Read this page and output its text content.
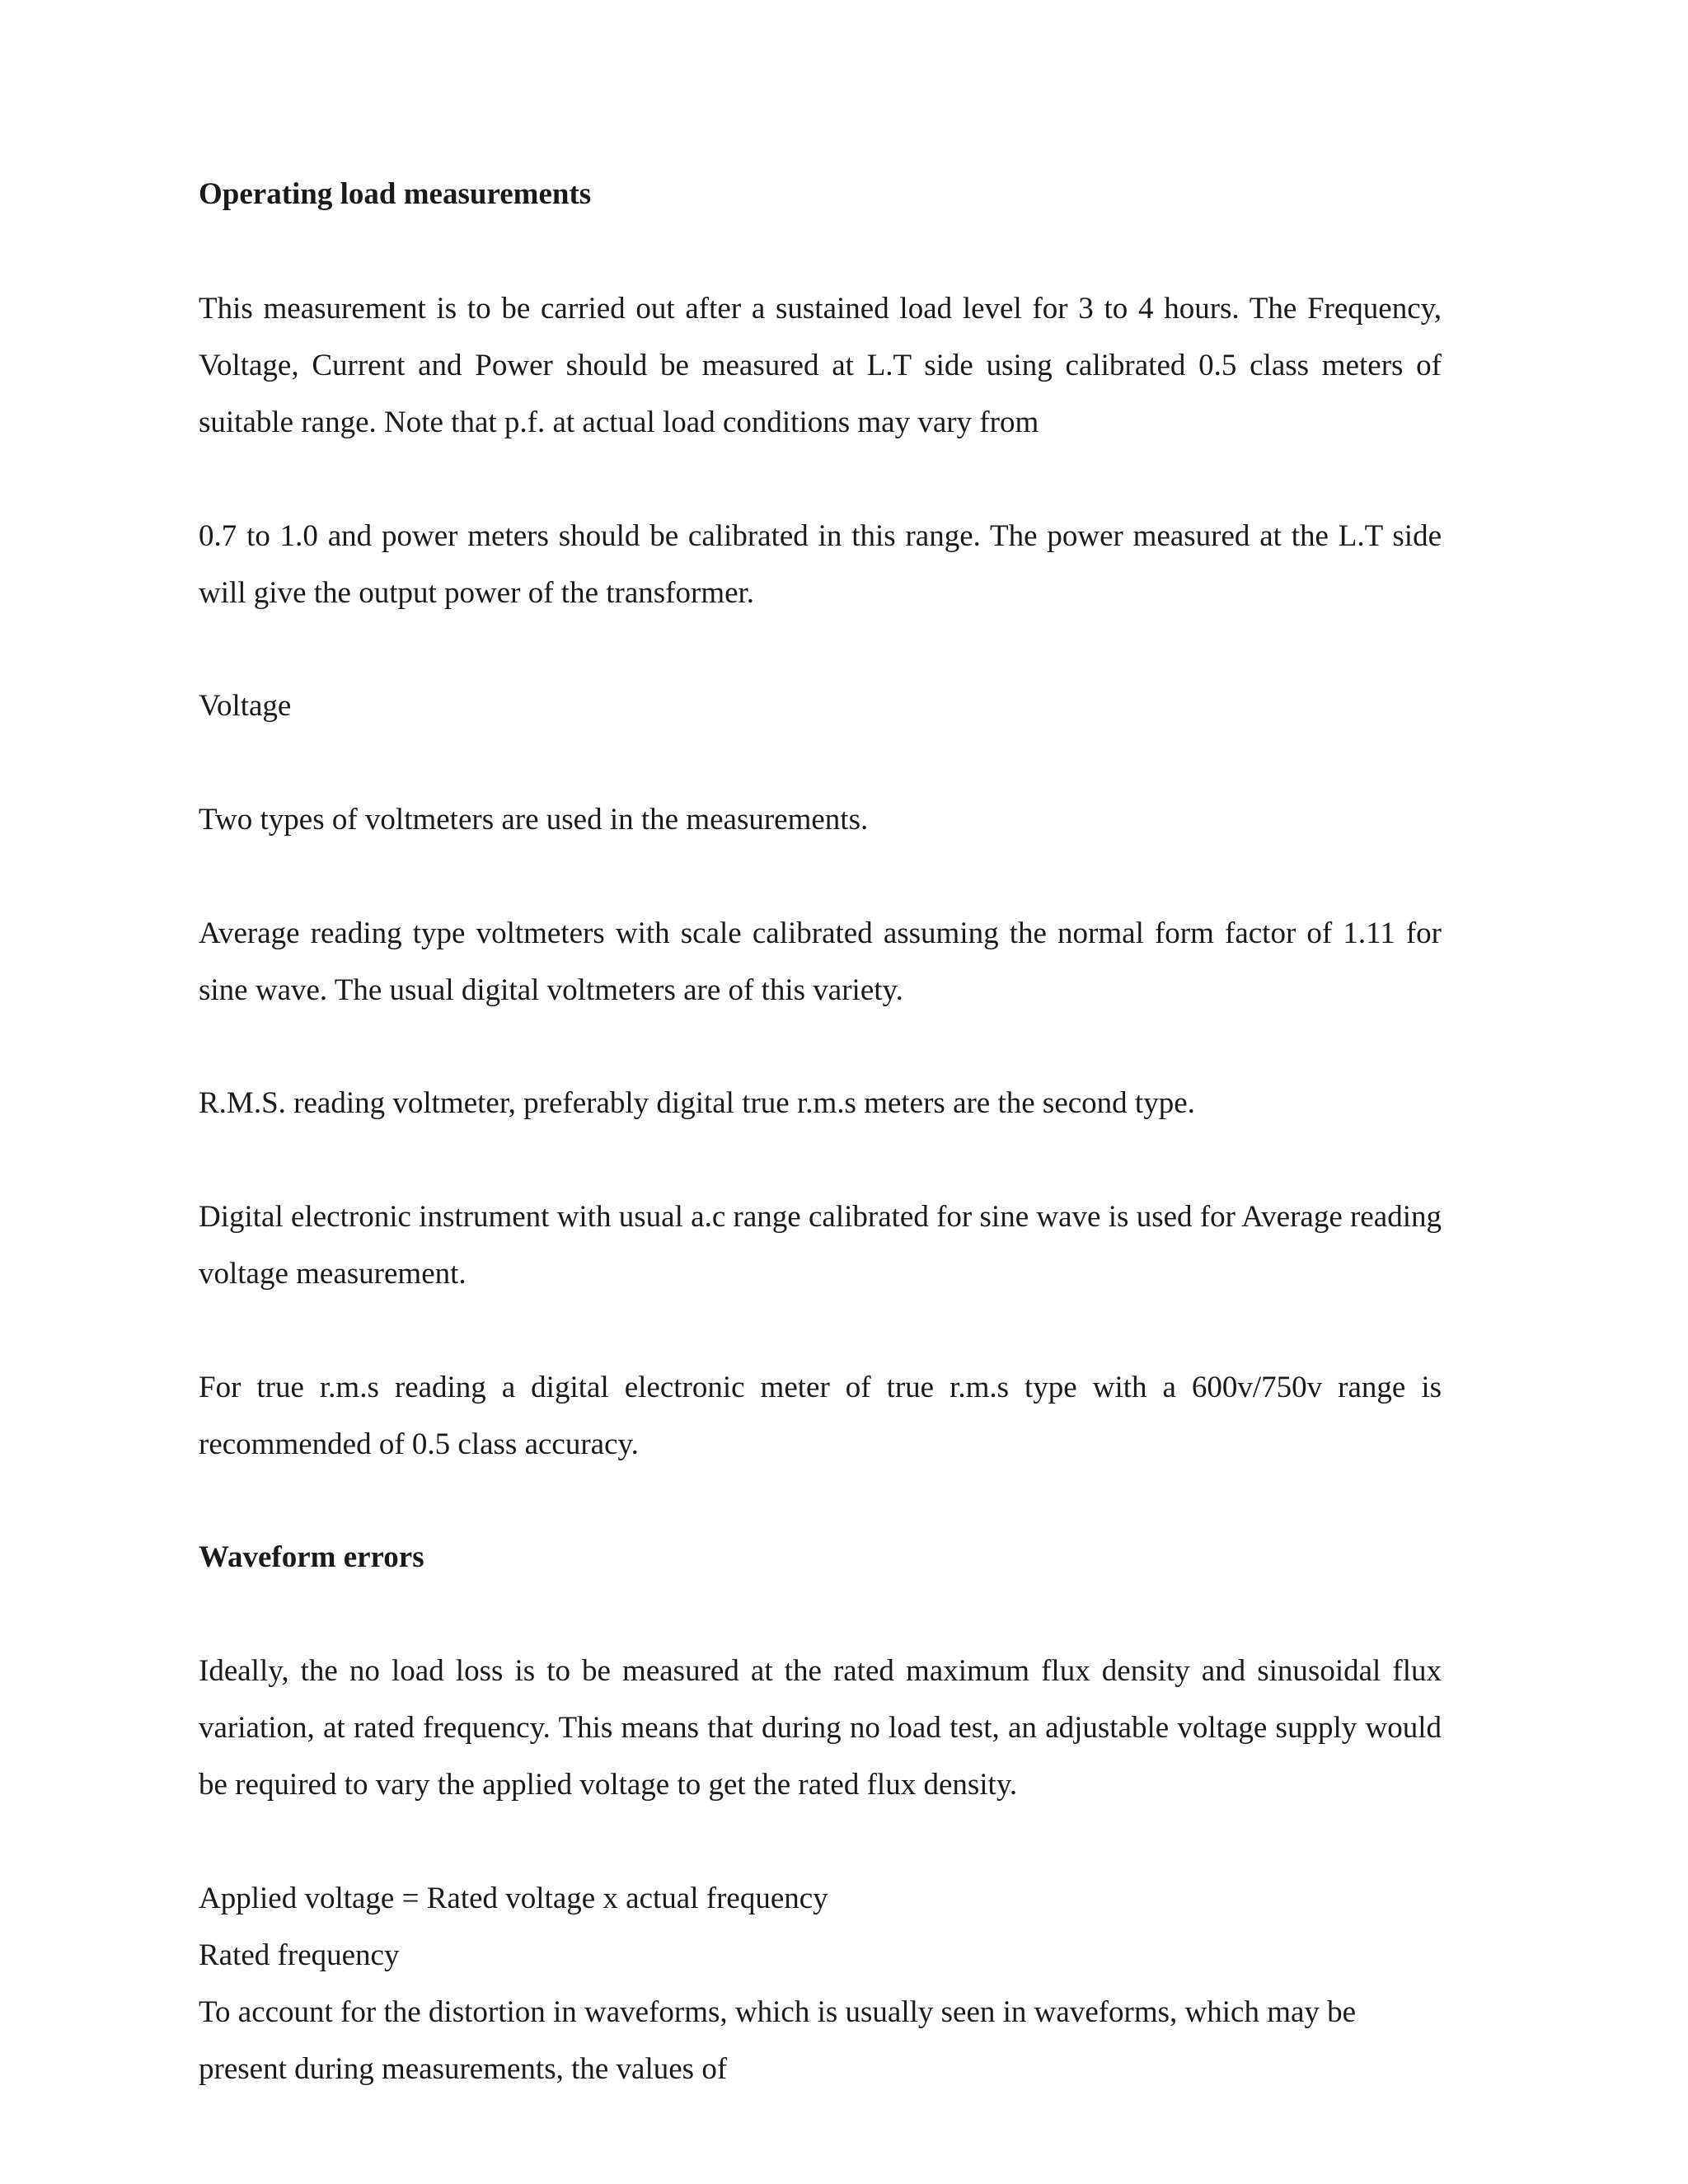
Operating load measurements

This measurement is to be carried out after a sustained load level for 3 to 4 hours. The Frequency, Voltage, Current and Power should be measured at L.T side using calibrated 0.5 class meters of suitable range. Note that p.f. at actual load conditions may vary from

0.7 to 1.0 and power meters should be calibrated in this range. The power measured at the L.T side will give the output power of the transformer.

Voltage

Two types of voltmeters are used in the measurements.

Average reading type voltmeters with scale calibrated assuming the normal form factor of 1.11 for sine wave. The usual digital voltmeters are of this variety.

R.M.S. reading voltmeter, preferably digital true r.m.s meters are the second type.

Digital electronic instrument with usual a.c range calibrated for sine wave is used for Average reading voltage measurement.

For true r.m.s reading a digital electronic meter of true r.m.s type with a 600v/750v range is recommended of 0.5 class accuracy.

Waveform errors

Ideally, the no load loss is to be measured at the rated maximum flux density and sinusoidal flux variation, at rated frequency. This means that during no load test, an adjustable voltage supply would be required to vary the applied voltage to get the rated flux density.

Applied voltage = Rated voltage x actual frequency
Rated frequency
To account for the distortion in waveforms, which is usually seen in waveforms, which may be
present during measurements, the values of
